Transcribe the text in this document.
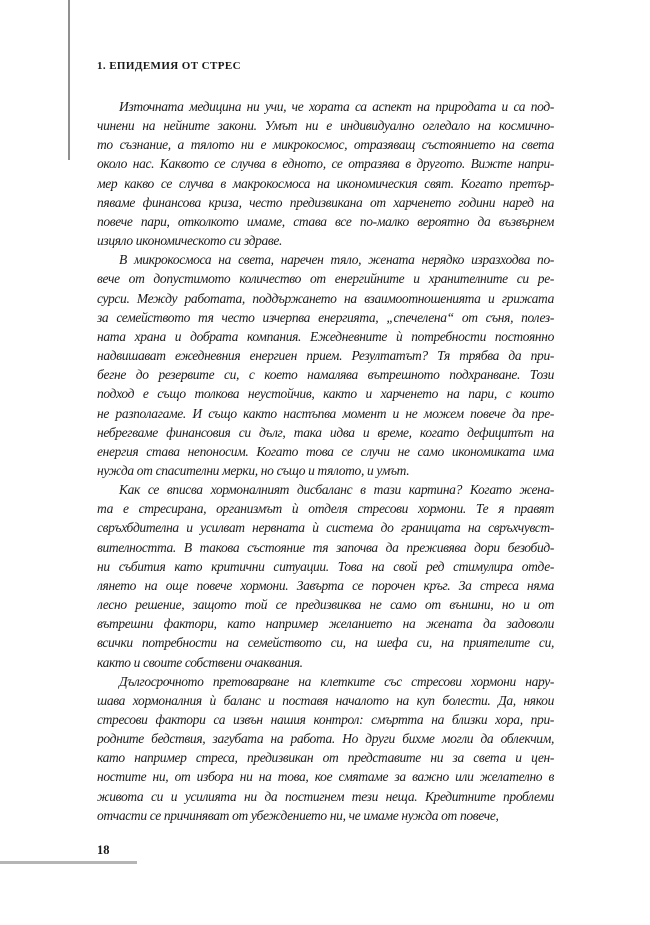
1. ЕПИДЕМИЯ ОТ СТРЕС

Източната медицина ни учи, че хората са аспект на природата и са под-
чинени на нейните закони. Умът ни е индивидуално огледало на космично-
то съзнание, а тялото ни е микрокосмос, отразяващ състоянието на света
около нас. Каквото се случва в едното, се отразява в другото. Вижте напри-
мер какво се случва в макрокосмоса на икономическия свят. Когато претър-
пяваме финансова криза, често предизвикана от харченето години наред на
повече пари, отколкото имаме, става все по-малко вероятно да възвърнем
изцяло икономическото си здраве.

В микрокосмоса на света, наречен тяло, жената нерядко изразходва по-
вече от допустимото количество от енергийните и хранителните си ре-
сурси. Между работата, поддържането на взаимоотношенията и грижата
за семейството тя често изчерпва енергията, „спечелена“ от съня, полез-
ната храна и добрата компания. Ежедневните ѝ потребности постоянно
надвишават ежедневния енергиен прием. Резултатът? Тя трябва да при-
бегне до резервите си, с което намалява вътрешното подхранване. Този
подход е също толкова неустойчив, както и харченето на пари, с които
не разполагаме. И също както настъпва момент и не можем повече да пре-
небрегваме финансовия си дълг, така идва и време, когато дефицитът на
енергия става непоносим. Когато това се случи не само икономиката има
нужда от спасителни мерки, но също и тялото, и умът.

Как се вписва хормоналният дисбаланс в тази картина? Когато жена-
та е стресирана, организмът ѝ отделя стресови хормони. Те я правят
свръхбдителна и усилват нервната ѝ система до границата на свръхчувст-
вителността. В такова състояние тя започва да преживява дори безобид-
ни събития като критични ситуации. Това на свой ред стимулира отде-
лянето на още повече хормони. Завърта се порочен кръг. За стреса няма
лесно решение, защото той се предизвиква не само от външни, но и от
вътрешни фактори, като например желанието на жената да задоволи
всички потребности на семейството си, на шефа си, на приятелите си,
както и своите собствени очаквания.

Дългосрочното претоварване на клетките със стресови хормони нару-
шава хормоналния ѝ баланс и поставя началото на куп болести. Да, някои
стресови фактори са извън нашия контрол: смъртта на близки хора, при-
родните бедствия, загубата на работа. Но други бихме могли да облекчим,
като например стреса, предизвикан от представите ни за света и цен-
ностите ни, от избора ни на това, кое смятаме за важно или желателно в
живота си и усилията ни да постигнем тези неща. Кредитните проблеми
отчасти се причиняват от убеждението ни, че имаме нужда от повече,

18
